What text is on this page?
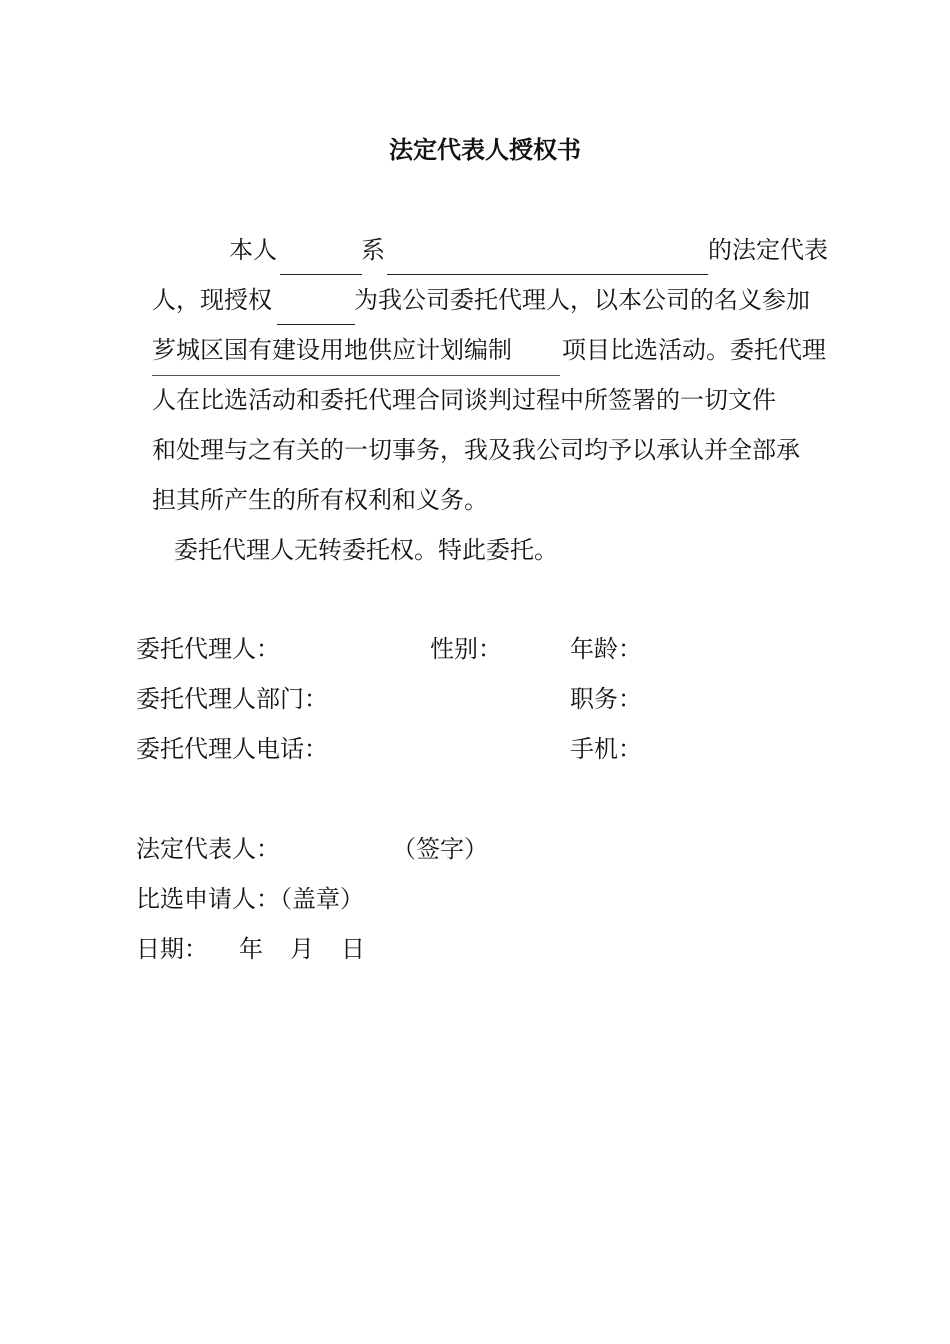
法定代表人授权书
本人	系	的法定代表
人，现授权	为我公司委托代理人，以本公司的名义参加
芗城区国有建设用地供应计划编制 项目比选活动。委托代理
人在比选活动和委托代理合同谈判过程中所签署的一切文件
和处理与之有关的一切事务，我及我公司均予以承认并全部承
担其所产生的所有权利和义务。
委托代理人无转委托权。特此委托。
委托代理人：	性别：	年龄：
委托代理人部门：	职务：
委托代理人电话：	手机：
法定代表人：	（签字）
比选申请人：（盖章）
日期： 年 月 日
